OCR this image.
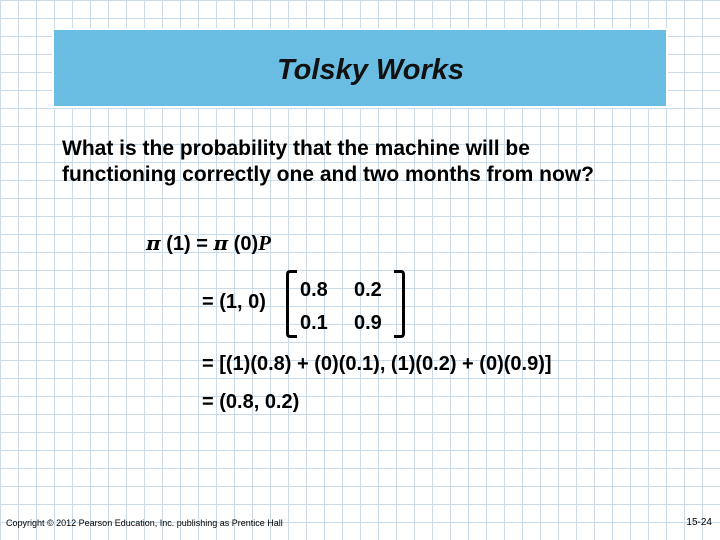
Tolsky Works
What is the probability that the machine will be
functioning correctly one and two months from now?
π (1) = π (0)P
= (1, 0)
0.8 0.2
0.1 0.9
= [(1)(0.8) + (0)(0.1), (1)(0.2) + (0)(0.9)]
= (0.8, 0.2)
Copyright © 2012 Pearson Education, Inc. publishing as Prentice Hall	15-24
